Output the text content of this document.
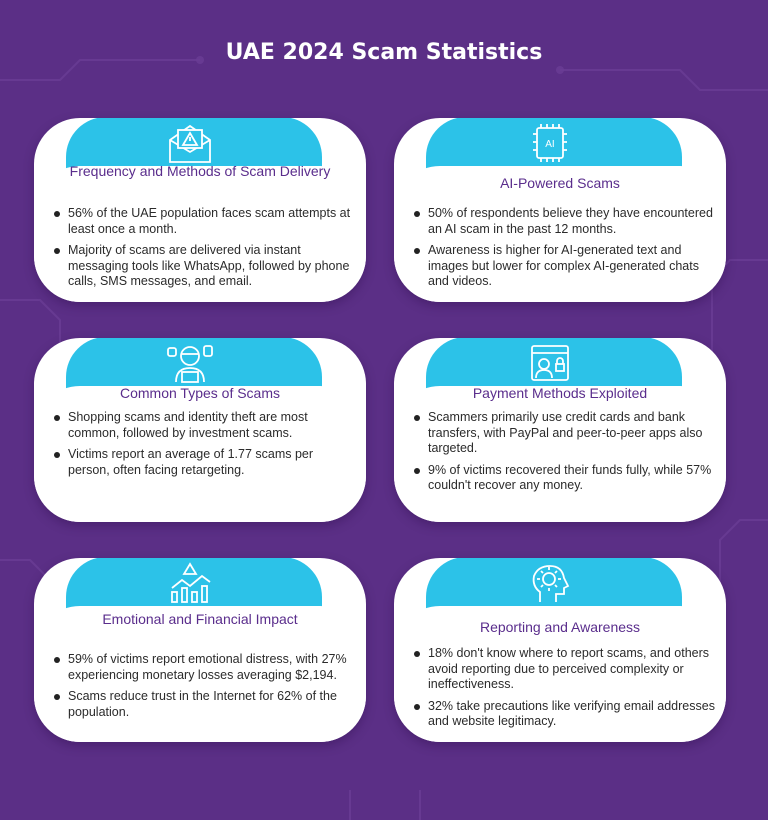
UAE 2024 Scam Statistics
Frequency and Methods of Scam Delivery
56% of the UAE population faces scam attempts at least once a month.
Majority of scams are delivered via instant messaging tools like WhatsApp, followed by phone calls, SMS messages, and email.
AI
AI-Powered Scams
50% of respondents believe they have encountered an AI scam in the past 12 months.
Awareness is higher for AI-generated text and images but lower for complex AI-generated chats and videos.
Common Types of Scams
Shopping scams and identity theft are most common, followed by investment scams.
Victims report an average of 1.77 scams per person, often facing retargeting.
Payment Methods Exploited
Scammers primarily use credit cards and bank transfers, with PayPal and peer-to-peer apps also targeted.
9% of victims recovered their funds fully, while 57% couldn't recover any money.
Emotional and Financial Impact
59% of victims report emotional distress, with 27% experiencing monetary losses averaging $2,194.
Scams reduce trust in the Internet for 62% of the population.
Reporting and Awareness
18% don't know where to report scams, and others avoid reporting due to perceived complexity or ineffectiveness.
32% take precautions like verifying email addresses and website legitimacy.
